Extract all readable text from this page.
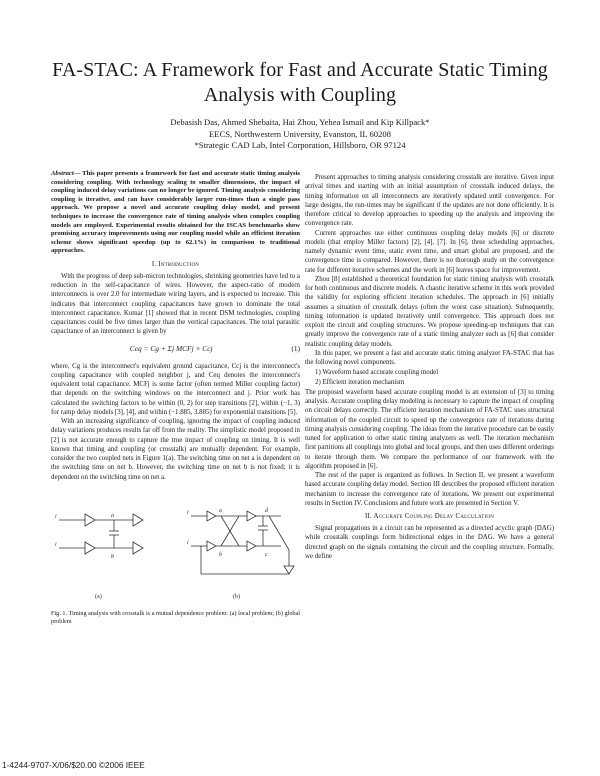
FA-STAC: A Framework for Fast and Accurate Static Timing Analysis with Coupling
Debasish Das, Ahmed Shebaita, Hai Zhou, Yehea Ismail and Kip Killpack*
EECS, Northwestern University, Evanston, IL 60208
*Strategic CAD Lab, Intel Corporation, Hillsboro, OR 97124

Abstract— This paper presents a framework for fast and accurate static timing analysis considering coupling. With technology scaling to smaller dimensions, the impact of coupling induced delay variations can no longer be ignored. Timing analysis considering coupling is iterative, and can have considerably larger run-times than a single pass approach. We propose a novel and accurate coupling delay model, and present techniques to increase the convergence rate of timing analysis when complex coupling models are employed. Experimental results obtained for the ISCAS benchmarks show promising accuracy improvements using our coupling model while an efficient iteration scheme shows significant speedup (up to 62.1%) in comparison to traditional approaches.

I. Introduction

With the progress of deep sub-micron technologies, shrinking geometries have led to a reduction in the self-capacitance of wires. However, the aspect-ratio of modern interconnects is over 2.0 for intermediate wiring layers, and is expected to increase. This indicates that interconnect coupling capacitances have grown to dominate the total interconnect capacitance. Kumar [1] showed that in recent DSM technologies, coupling capacitances could be five times larger than the vertical capacitances. The total parasitic capacitance of an interconnect is given by

Ceq = Cg + Σj MCFj × Ccj	(1)

where, Cg is the interconnect's equivalent ground capacitance, Ccj is the interconnect's coupling capacitance with coupled neighbor j, and Ceq denotes the interconnect's equivalent total capacitance. MCFj is some factor (often termed Miller coupling factor) that depends on the switching windows on the interconnect and j. Prior work has calculated the switching factors to be within (0, 2) for step transitions [2], within (−1, 3) for ramp delay models [3], [4], and within (−1.885, 3.885) for exponential transitions [5].

With an increasing significance of coupling, ignoring the impact of coupling induced delay variations produces results far off from the reality. The simplistic model proposed in [2] is not accurate enough to capture the true impact of coupling on timing. It is well known that timing and coupling (or crosstalk) are mutually dependent. For example, consider the two coupled nets in Figure 1(a). The switching time on net a is dependent on the switching time on net b. However, the switching time on net b is not fixed; it is dependent on the switching time on net a.

i
i
a
b
i
i
a
b
d
c
(a)	(b)
Fig. 1. Timing analysis with crosstalk is a mutual dependence problem: (a) local problem; (b) global problem

Present approaches to timing analysis considering crosstalk are iterative. Given input arrival times and starting with an initial assumption of crosstalk induced delays, the timing information on all interconnects are iteratively updated until convergence. For large designs, the run-times may be significant if the updates are not done efficiently. It is therefore critical to develop approaches to speeding up the analysis and improving the convergence rate.

Current approaches use either continuous coupling delay models [6] or discrete models (that employ Miller factors) [2], [4], [7]. In [6], three scheduling approaches, namely dynamic event time, static event time, and smart global are proposed, and the convergence time is compared. However, there is no thorough study on the convergence rate for different iterative schemes and the work in [6] leaves space for improvement.

Zhou [8] established a theoretical foundation for static timing analysis with crosstalk for both continuous and discrete models. A chaotic iterative scheme in this work provided the validity for exploring efficient iteration schedules. The approach in [6] initially assumes a situation of crosstalk delays (often the worst case situation). Subsequently, timing information is updated iteratively until convergence. This approach does not exploit the circuit and coupling structures. We propose speeding-up techniques that can greatly improve the convergence rate of a static timing analyzer such as [6] that consider realistic coupling delay models.

In this paper, we present a fast and accurate static timing analyzer FA-STAC that has the following novel components.

1) Waveform based accurate coupling model
2) Efficient iteration mechanism

The proposed waveform based accurate coupling model is an extension of [3] to timing analysis. Accurate coupling delay modeling is necessary to capture the impact of coupling on circuit delays correctly. The efficient iteration mechanism of FA-STAC uses structural information of the coupled circuit to speed up the convergence rate of iterations during timing analysis considering coupling. The ideas from the iterative procedure can be easily tuned for application to other static timing analyzers as well. The iteration mechanism first partitions all couplings into global and local groups, and then uses different orderings to iterate through them. We compare the performance of our framework with the algorithm proposed in [6].

The rest of the paper is organized as follows. In Section II, we present a waveform based accurate coupling delay model. Section III describes the proposed efficient iteration mechanism to increase the convergence rate of iterations. We present our experimental results in Section IV. Conclusions and future work are presented in Section V.

II. Accurate Coupling Delay Calculation

Signal propagations in a circuit can be represented as a directed acyclic graph (DAG) while crosstalk couplings form bidirectional edges in the DAG. We have a general directed graph on the signals containing the circuit and the coupling structure. Formally, we define

1-4244-9707-X/06/$20.00 ©2006 IEEE
